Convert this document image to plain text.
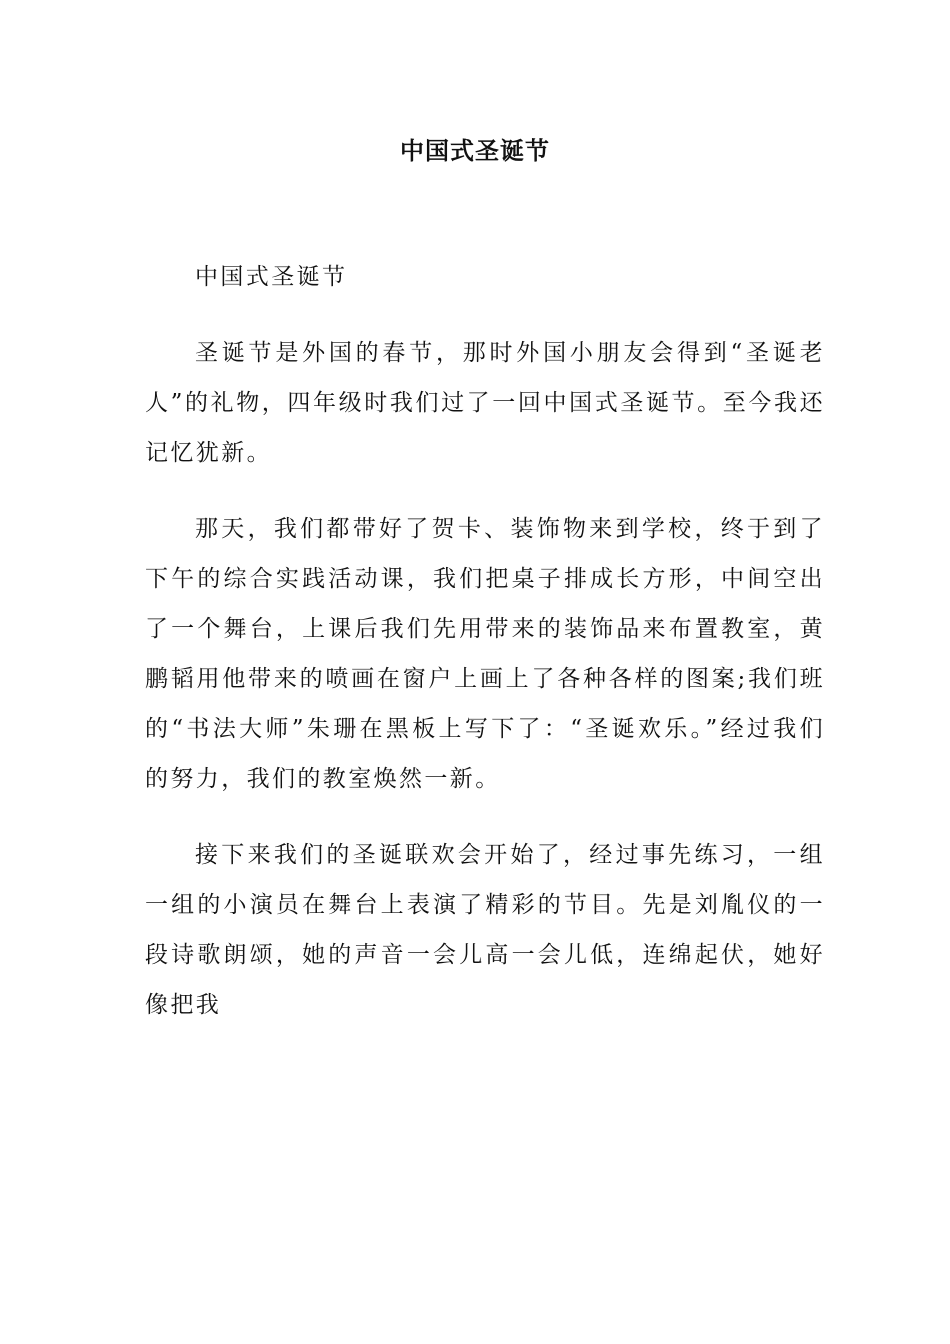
中国式圣诞节

中国式圣诞节

圣诞节是外国的春节，那时外国小朋友会得到“圣诞老人”的礼物，四年级时我们过了一回中国式圣诞节。至今我还记忆犹新。

那天，我们都带好了贺卡、装饰物来到学校，终于到了下午的综合实践活动课，我们把桌子排成长方形，中间空出了一个舞台，上课后我们先用带来的装饰品来布置教室，黄鹏韬用他带来的喷画在窗户上画上了各种各样的图案;我们班的“书法大师”朱珊在黑板上写下了：“圣诞欢乐。”经过我们的努力，我们的教室焕然一新。

接下来我们的圣诞联欢会开始了，经过事先练习，一组一组的小演员在舞台上表演了精彩的节目。先是刘胤仪的一段诗歌朗颂，她的声音一会儿高一会儿低，连绵起伏，她好像把我
